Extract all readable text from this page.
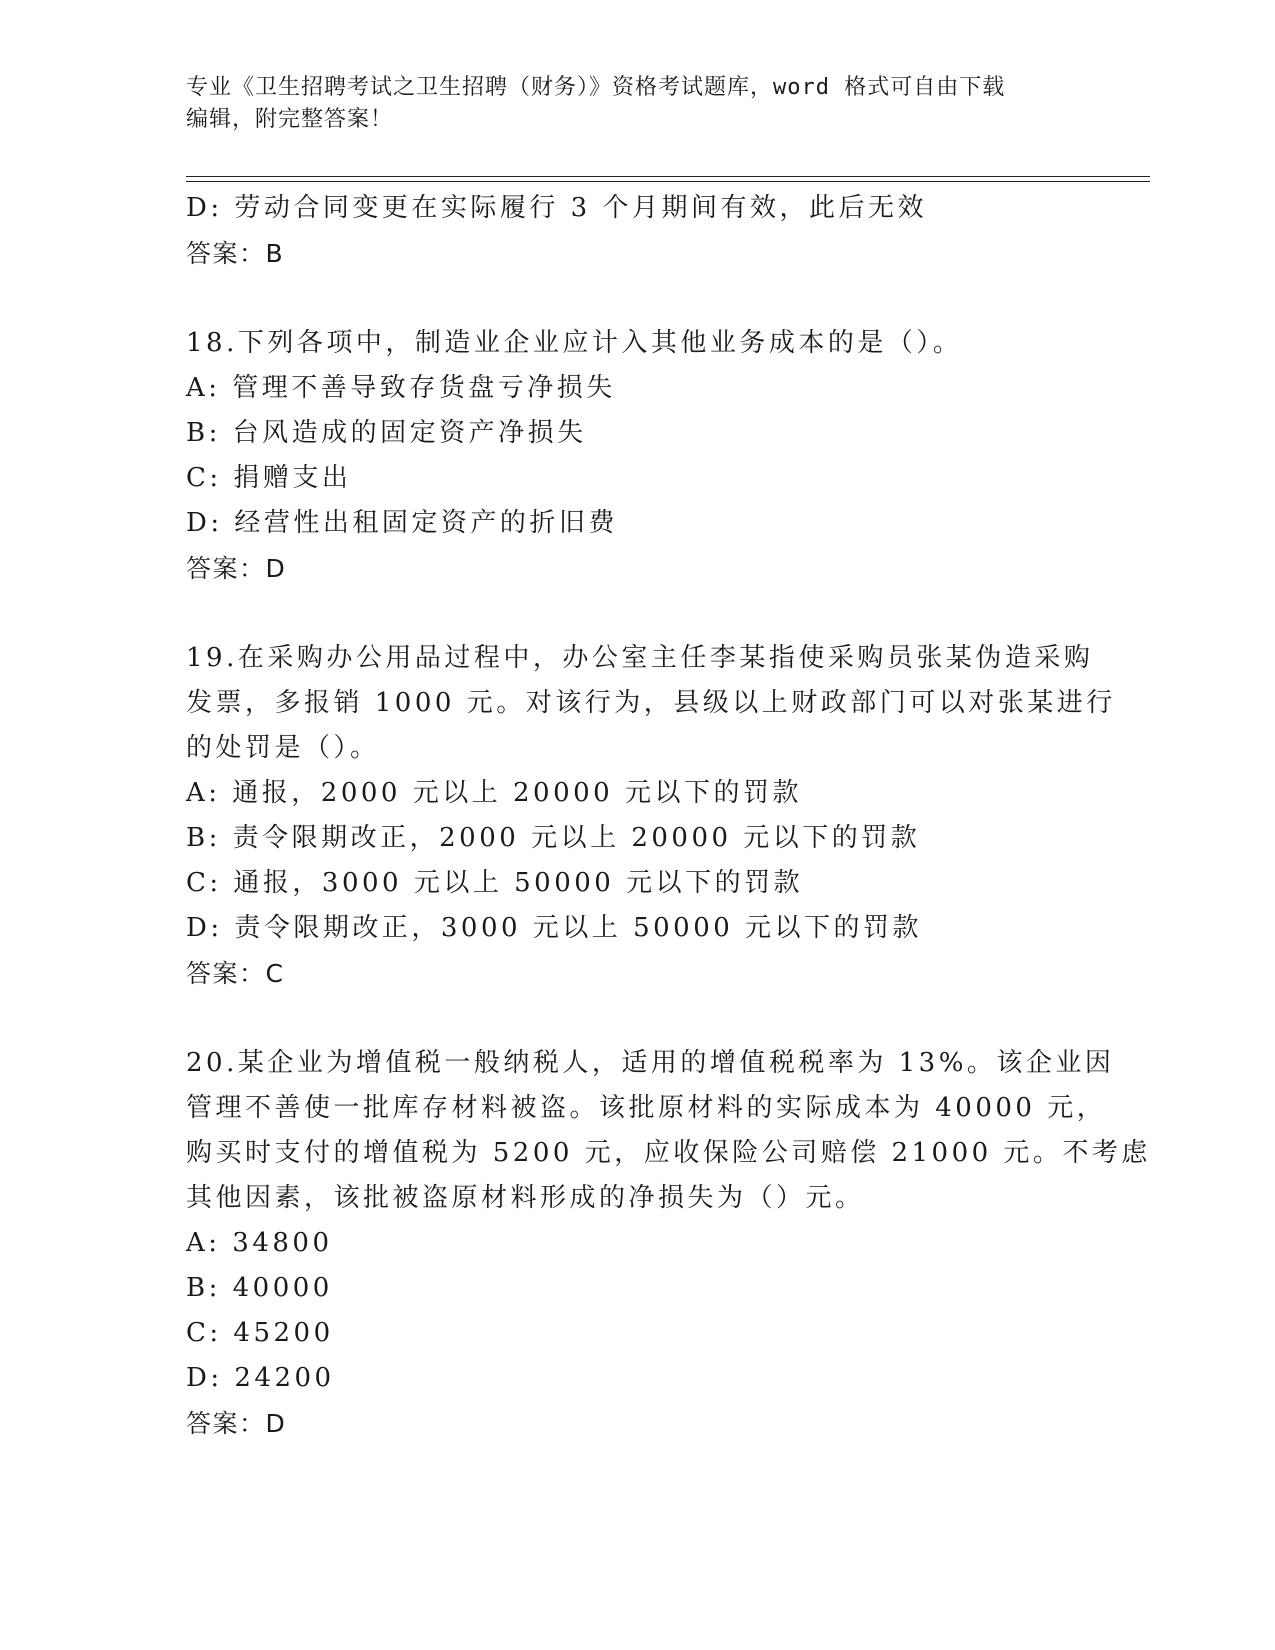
专业《卫生招聘考试之卫生招聘（财务）》资格考试题库，word 格式可自由下载
编辑，附完整答案！
D: 劳动合同变更在实际履行 3 个月期间有效，此后无效
答案：B
18.下列各项中，制造业企业应计入其他业务成本的是（）。
A: 管理不善导致存货盘亏净损失
B: 台风造成的固定资产净损失
C: 捐赠支出
D: 经营性出租固定资产的折旧费
答案：D
19.在采购办公用品过程中，办公室主任李某指使采购员张某伪造采购
发票，多报销 1000 元。对该行为，县级以上财政部门可以对张某进行
的处罚是（）。
A: 通报，2000 元以上 20000 元以下的罚款
B: 责令限期改正，2000 元以上 20000 元以下的罚款
C: 通报，3000 元以上 50000 元以下的罚款
D: 责令限期改正，3000 元以上 50000 元以下的罚款
答案：C
20.某企业为增值税一般纳税人，适用的增值税税率为 13%。该企业因
管理不善使一批库存材料被盗。该批原材料的实际成本为 40000 元，
购买时支付的增值税为 5200 元，应收保险公司赔偿 21000 元。不考虑
其他因素，该批被盗原材料形成的净损失为（）元。
A: 34800
B: 40000
C: 45200
D: 24200
答案：D
